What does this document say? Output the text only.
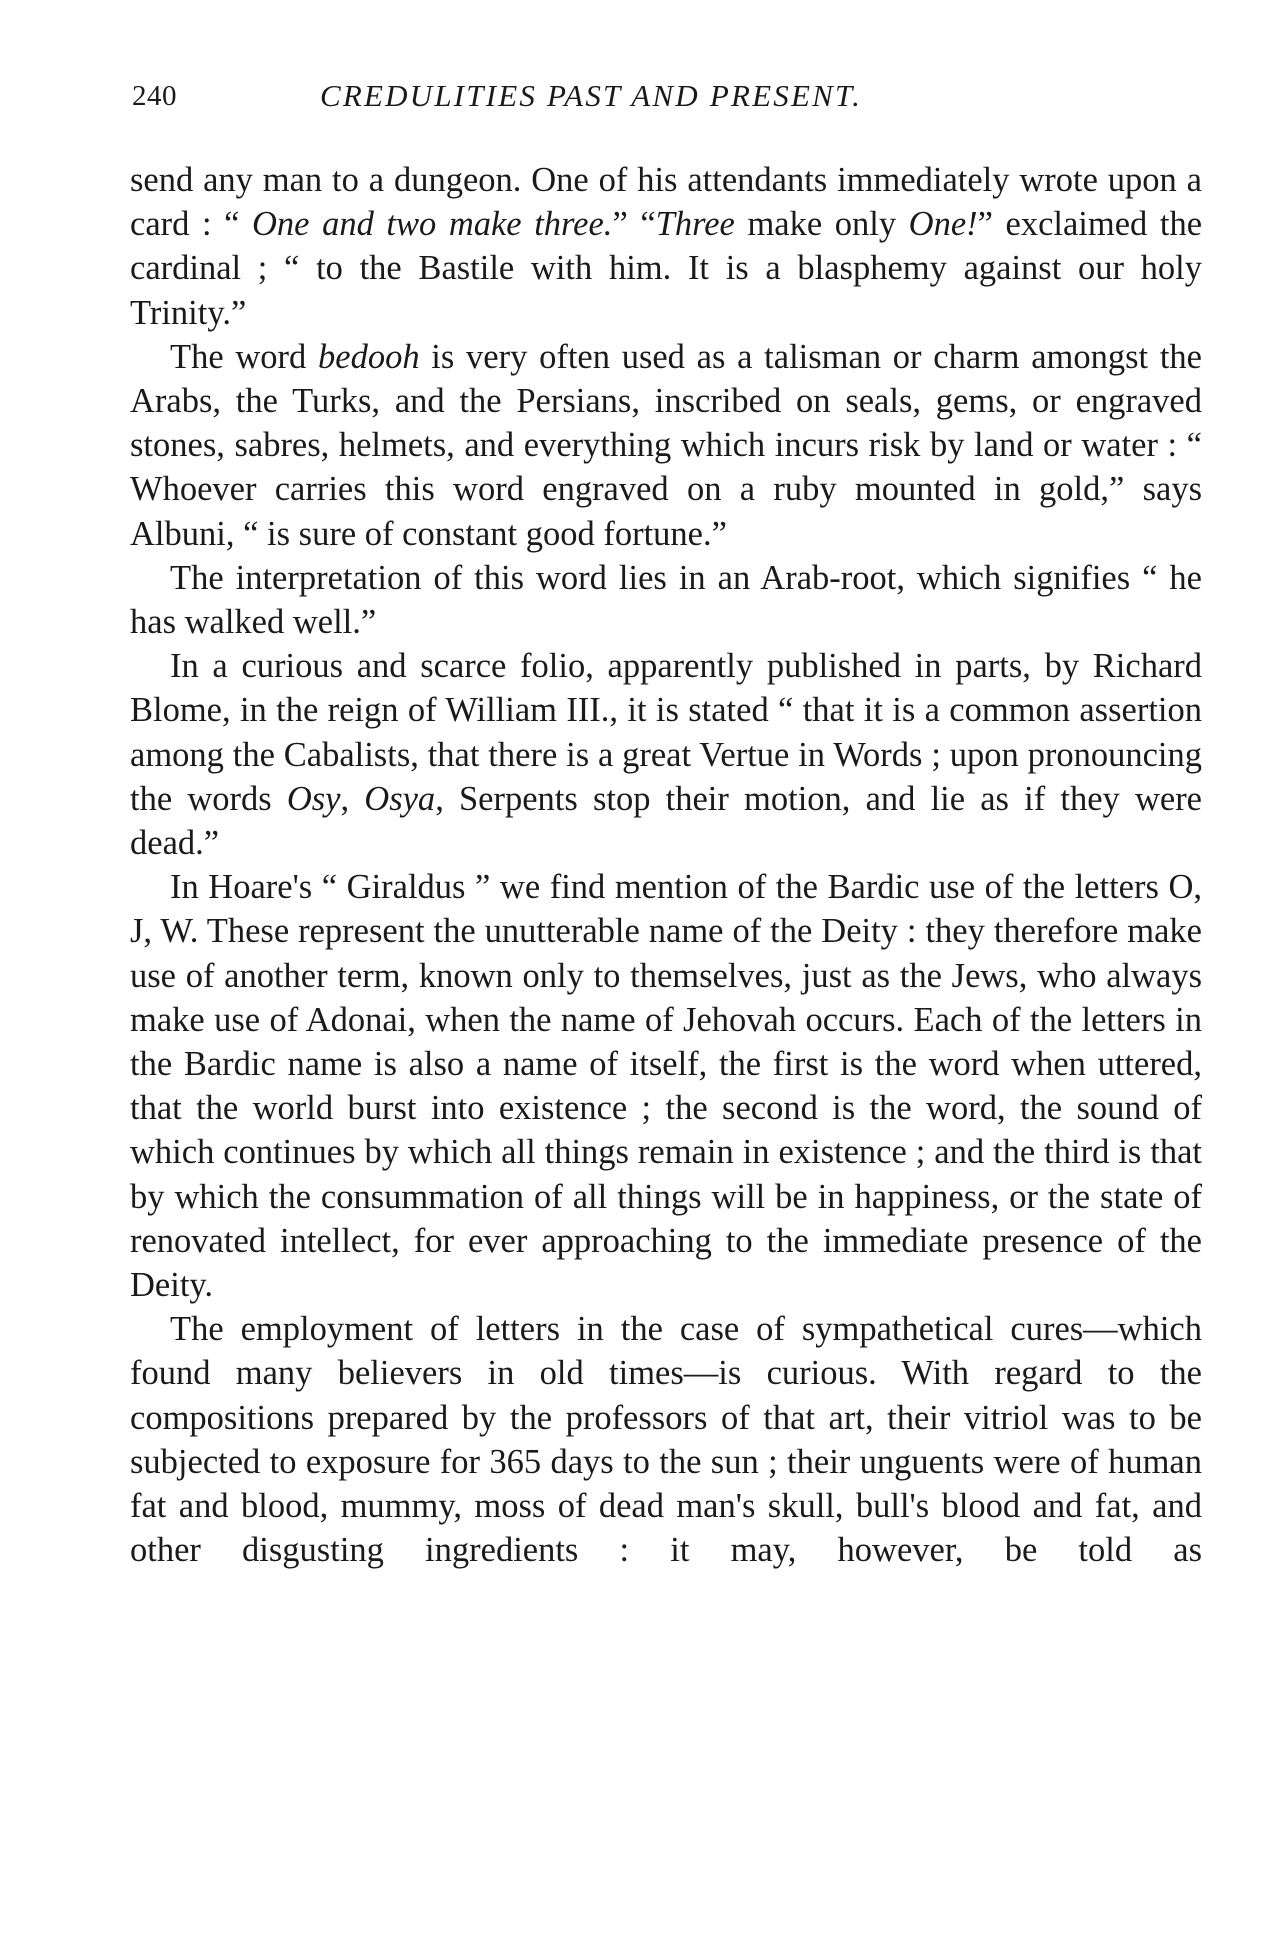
240	CREDULITIES PAST AND PRESENT.

send any man to a dungeon. One of his attendants immediately wrote upon a card : “ One and two make three.” “Three make only One!” exclaimed the cardinal ; “ to the Bastile with him. It is a blasphemy against our holy Trinity.”

The word bedooh is very often used as a talisman or charm amongst the Arabs, the Turks, and the Persians, inscribed on seals, gems, or engraved stones, sabres, helmets, and everything which incurs risk by land or water : “ Whoever carries this word engraved on a ruby mounted in gold,” says Albuni, “ is sure of constant good fortune.”

The interpretation of this word lies in an Arab-root, which signifies “ he has walked well.”

In a curious and scarce folio, apparently published in parts, by Richard Blome, in the reign of William III., it is stated “ that it is a common assertion among the Cabalists, that there is a great Vertue in Words ; upon pronouncing the words Osy, Osya, Serpents stop their motion, and lie as if they were dead.”

In Hoare's “ Giraldus ” we find mention of the Bardic use of the letters O, J, W. These represent the unutterable name of the Deity : they therefore make use of another term, known only to themselves, just as the Jews, who always make use of Adonai, when the name of Jehovah occurs. Each of the letters in the Bardic name is also a name of itself, the first is the word when uttered, that the world burst into existence ; the second is the word, the sound of which continues by which all things remain in existence ; and the third is that by which the consummation of all things will be in happiness, or the state of renovated intellect, for ever approaching to the immediate presence of the Deity.

The employment of letters in the case of sympathetical cures—which found many believers in old times—is curious. With regard to the compositions prepared by the professors of that art, their vitriol was to be subjected to exposure for 365 days to the sun ; their unguents were of human fat and blood, mummy, moss of dead man's skull, bull's blood and fat, and other disgusting ingredients : it may, however, be told as
